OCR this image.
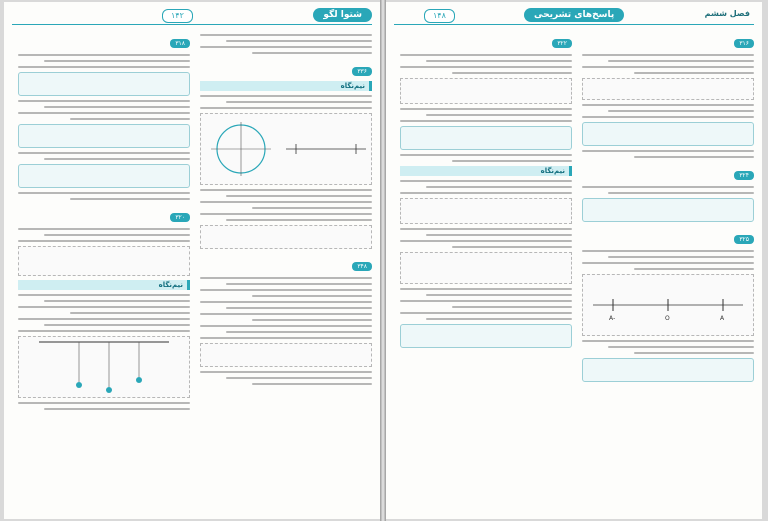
شتوا لگو
۱۴۲
۳۳۶
نیم‌نگاه
۳۴۸
۳۱۸
۳۲۰
نیم‌نگاه
پاسخ‌های تشریحی
۱۴۸	فصل ششم
۳۱۶
۳۲۴
۳۲۵
-A	O	A
۳۲۲
نیم‌نگاه
